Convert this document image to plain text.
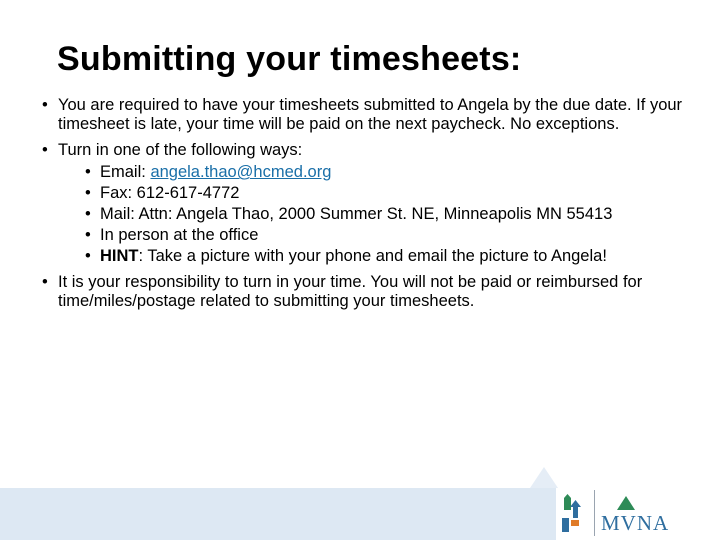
Submitting your timesheets:
• You are required to have your timesheets submitted to Angela by the due date. If your timesheet is late, your time will be paid on the next paycheck. No exceptions.
• Turn in one of the following ways:
• Email: angela.thao@hcmed.org
• Fax: 612-617-4772
• Mail: Attn: Angela Thao, 2000 Summer St. NE, Minneapolis MN 55413
• In person at the office
• HINT: Take a picture with your phone and email the picture to Angela!
• It is your responsibility to turn in your time. You will not be paid or reimbursed for time/miles/postage related to submitting your timesheets.
MVNA
